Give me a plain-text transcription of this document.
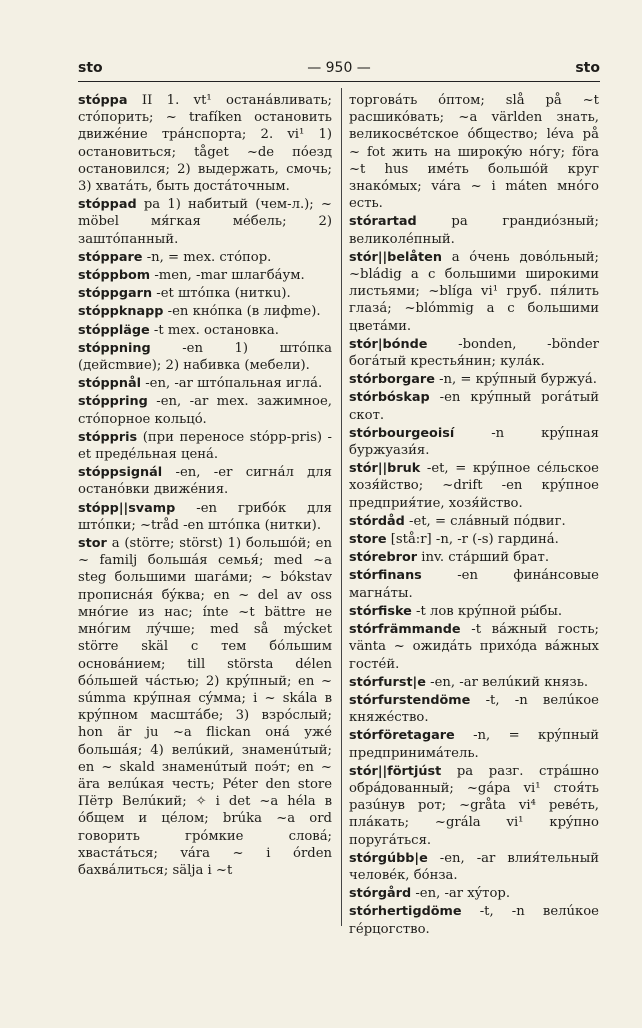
sto	— 950 —	sto

stóppa II 1. vt¹ останáвливать; стóпорить; ~ trafíken остановить движéние трáнспорта; 2. vi¹ 1) остановиться; tåget ~de пóезд остановился; 2) выдержать, смочь; 3) хватáть, быть достáточным.

stóppad pa 1) набитый (чем-л.); ~ möbel мя́гкая мéбель; 2) заштóпанный.

stóppare -n, = mex. стóпор.

stóppbom -men, -mar шлагбáум.

stóppgarn -et штóпка (ниткu).

stóppknapp -en кнóпка (в лифmе).

stóppläge -t mex. остановка.

stóppning -en 1) штóпка (дейcmвие); 2) набивка (мебели).

stóppnål -en, -ar штóпальная иглá.

stóppring -en, -ar mex. зажимное, стóпорное кольцó.

stóppris (при переносе stópp-pris) -et предéльная ценá.

stóppsignál -en, -er сигнáл для останóвки движéния.

stópp||svamp -en грибóк для штóпки; ~tråd -en штóпка (нитки).

stor a (större; störst) 1) большóй; en ~ familj большáя семья́; med ~a steg большими шагáми; ~ bókstav прописнáя бýква; en ~ del av oss мнóгие из нас; ínte ~t bättre не мнóгим лýчше; med så mýcket större skäl с тем бóльшим основáнием; till största délen бóльшей чáстью; 2) крýпный; en ~ súmma крýпная сýмма; i ~ skála в крýпном масштáбе; 3) взрóслый; hon är ju ~a flickan онá ужé большáя; 4) велúкий, знаменúтый; en ~ skald знаменúтый поэ́т; en ~ ära велúкая честь; Péter den store Пётр Велúкий; ✧ i det ~a héla в óбщем и цéлом; brúka ~a ord говорить грóмкие словá; хвастáться; vára ~ i órden бахвáлиться; sälja i ~t

торговáть óптом; slå på ~t расшикóвать; ~a världen знать, великосвéтское óбщество; léva på ~ fot жить на широкýю нóгу; föra ~t hus имéть большóй круг знакóмых; vára ~ i máten мнóго есть.

stórartad	pa грандиóзный; великолéпный.

stór||belåten a óчень довóльный; ~bládig a с большими широкими листьями; ~blíga vi¹ груб. пя́лить глазá; ~blómmig a с большими цветáми.

stór|bónde -bonden, -bönder богáтый крестья́нин; кулáк.

stórborgare -n, = крýпный буржуá.

stórbóskap -en крýпный рогáтый скот.

stórbourgeoisí	-n крýпная буржуази́я.

stór||bruk -et, = крýпное сéльское хозя́йство; ~drift -en крýпное предприя́тие, хозя́йство.

stórdåd -et, = слáвный пóдвиг.

store [stå:r] -n, -r (-s) гардинá.

stórebror inv. стáрший брат.

stórfinans	-en финáнсовые магнáты.

stórfiske -t лов крýпной ры́бы.

stórfrämmande -t вáжный гость; vänta ~ ожидáть прихóда вáжных гостéй.

stórfurst|e -en, -ar велúкий князь.

stórfurstendöme -t, -n велúкое княжéство.

stórföretagare -n, = крýпный предпринимáтель.

stór||förtjúst pa разг. стрáшно обрáдованный; ~gápa vi¹ стоя́ть разúнув рот; ~gråta vi⁴ ревéть, плáкать; ~grála vi¹ крýпно поругáться.

stórgúbb|e -en, -ar влия́тельный человéк, бóнза.

stórgård -en, -ar хýтор.

stórhertigdöme -t, -n велúкое гéрцогство.
